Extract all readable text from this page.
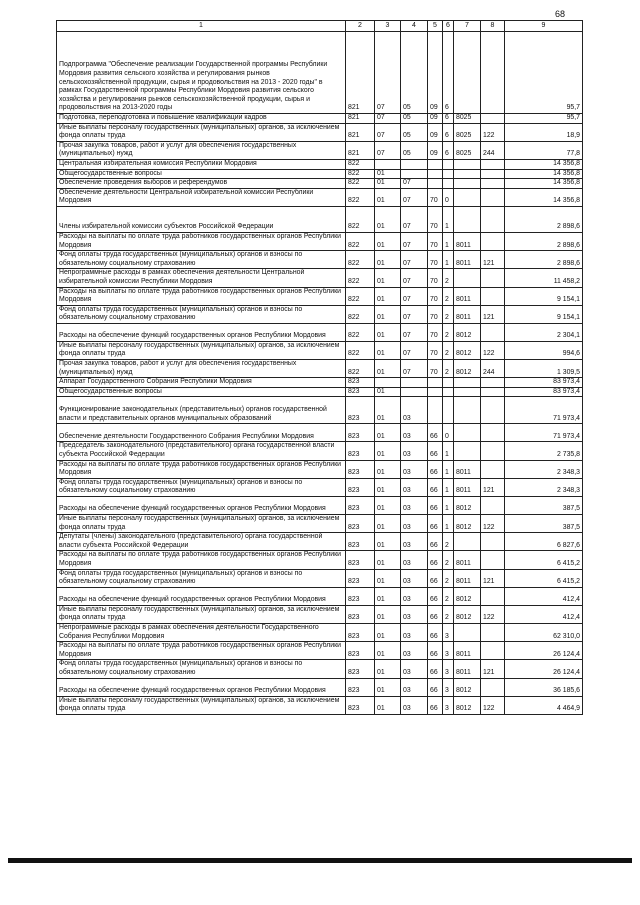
68
1	2	3	4	5	6	7	8	9
Подпрограмма "Обеспечение реализации Государственной программы Республики Мордовия развития сельского хозяйства и регулирования рынков сельскохозяйственной продукции, сырья и продовольствия на 2013 - 2020 годы" в рамках Государственной программы Республики Мордовия развития сельского хозяйства и регулирования рынков сельскохозяйственной продукции, сырья и продовольствия на 2013-2020 годы	821	07	05	09	6			95,7
Подготовка, переподготовка и повышение квалификации кадров	821	07	05	09	6	8025		95,7
Иные выплаты персоналу государственных (муниципальных) органов, за исключением фонда оплаты труда	821	07	05	09	6	8025	122	18,9
Прочая закупка товаров, работ и услуг для обеспечения государственных (муниципальных) нужд	821	07	05	09	6	8025	244	77,8
Центральная избирательная комиссия Республики Мордовия	822							14 356,8
Общегосударственные вопросы	822	01						14 356,8
Обеспечение проведения выборов и референдумов	822	01	07					14 356,8
Обеспечение деятельности Центральной избирательной комиссии Республики Мордовия	822	01	07	70	0			14 356,8
Члены избирательной комиссии субъектов Российской Федерации	822	01	07	70	1			2 898,6
Расходы на выплаты по оплате труда работников государственных органов Республики Мордовия	822	01	07	70	1	8011		2 898,6
Фонд оплаты труда государственных (муниципальных) органов и взносы по обязательному социальному страхованию	822	01	07	70	1	8011	121	2 898,6
Непрограммные расходы в рамках обеспечения деятельности Центральной избирательной комиссии Республики Мордовия	822	01	07	70	2			11 458,2
Расходы на выплаты по оплате труда работников государственных органов Республики Мордовия	822	01	07	70	2	8011		9 154,1
Фонд оплаты труда государственных (муниципальных) органов и взносы по обязательному социальному страхованию	822	01	07	70	2	8011	121	9 154,1
Расходы на обеспечение функций государственных органов Республики Мордовия	822	01	07	70	2	8012		2 304,1
Иные выплаты персоналу государственных (муниципальных) органов, за исключением фонда оплаты труда	822	01	07	70	2	8012	122	994,6
Прочая закупка товаров, работ и услуг для обеспечения государственных (муниципальных) нужд	822	01	07	70	2	8012	244	1 309,5
Аппарат Государственного Собрания Республики Мордовия	823							83 973,4
Общегосударственные вопросы	823	01						83 973,4
Функционирование законодательных (представительных) органов государственной власти и представительных органов муниципальных образований	823	01	03					71 973,4
Обеспечение деятельности Государственного Собрания Республики Мордовия	823	01	03	66	0			71 973,4
Председатель законодательного (представительного) органа государственной власти субъекта Российской Федерации	823	01	03	66	1			2 735,8
Расходы на выплаты по оплате труда работников государственных органов Республики Мордовия	823	01	03	66	1	8011		2 348,3
Фонд оплаты труда государственных (муниципальных) органов и взносы по обязательному социальному страхованию	823	01	03	66	1	8011	121	2 348,3
Расходы на обеспечение функций государственных органов Республики Мордовия	823	01	03	66	1	8012		387,5
Иные выплаты персоналу государственных (муниципальных) органов, за исключением фонда оплаты труда	823	01	03	66	1	8012	122	387,5
Депутаты (члены) законодательного (представительного) органа государственной власти субъекта Российской Федерации	823	01	03	66	2			6 827,6
Расходы на выплаты по оплате труда работников государственных органов Республики Мордовия	823	01	03	66	2	8011		6 415,2
Фонд оплаты труда государственных (муниципальных) органов и взносы по обязательному социальному страхованию	823	01	03	66	2	8011	121	6 415,2
Расходы на обеспечение функций государственных органов Республики Мордовия	823	01	03	66	2	8012		412,4
Иные выплаты персоналу государственных (муниципальных) органов, за исключением фонда оплаты труда	823	01	03	66	2	8012	122	412,4
Непрограммные расходы в рамках обеспечения деятельности Государственного Собрания Республики Мордовия	823	01	03	66	3			62 310,0
Расходы на выплаты по оплате труда работников государственных органов Республики Мордовия	823	01	03	66	3	8011		26 124,4
Фонд оплаты труда государственных (муниципальных) органов и взносы по обязательному социальному страхованию	823	01	03	66	3	8011	121	26 124,4
Расходы на обеспечение функций государственных органов Республики Мордовия	823	01	03	66	3	8012		36 185,6
Иные выплаты персоналу государственных (муниципальных) органов, за исключением фонда оплаты труда	823	01	03	66	3	8012	122	4 464,9
